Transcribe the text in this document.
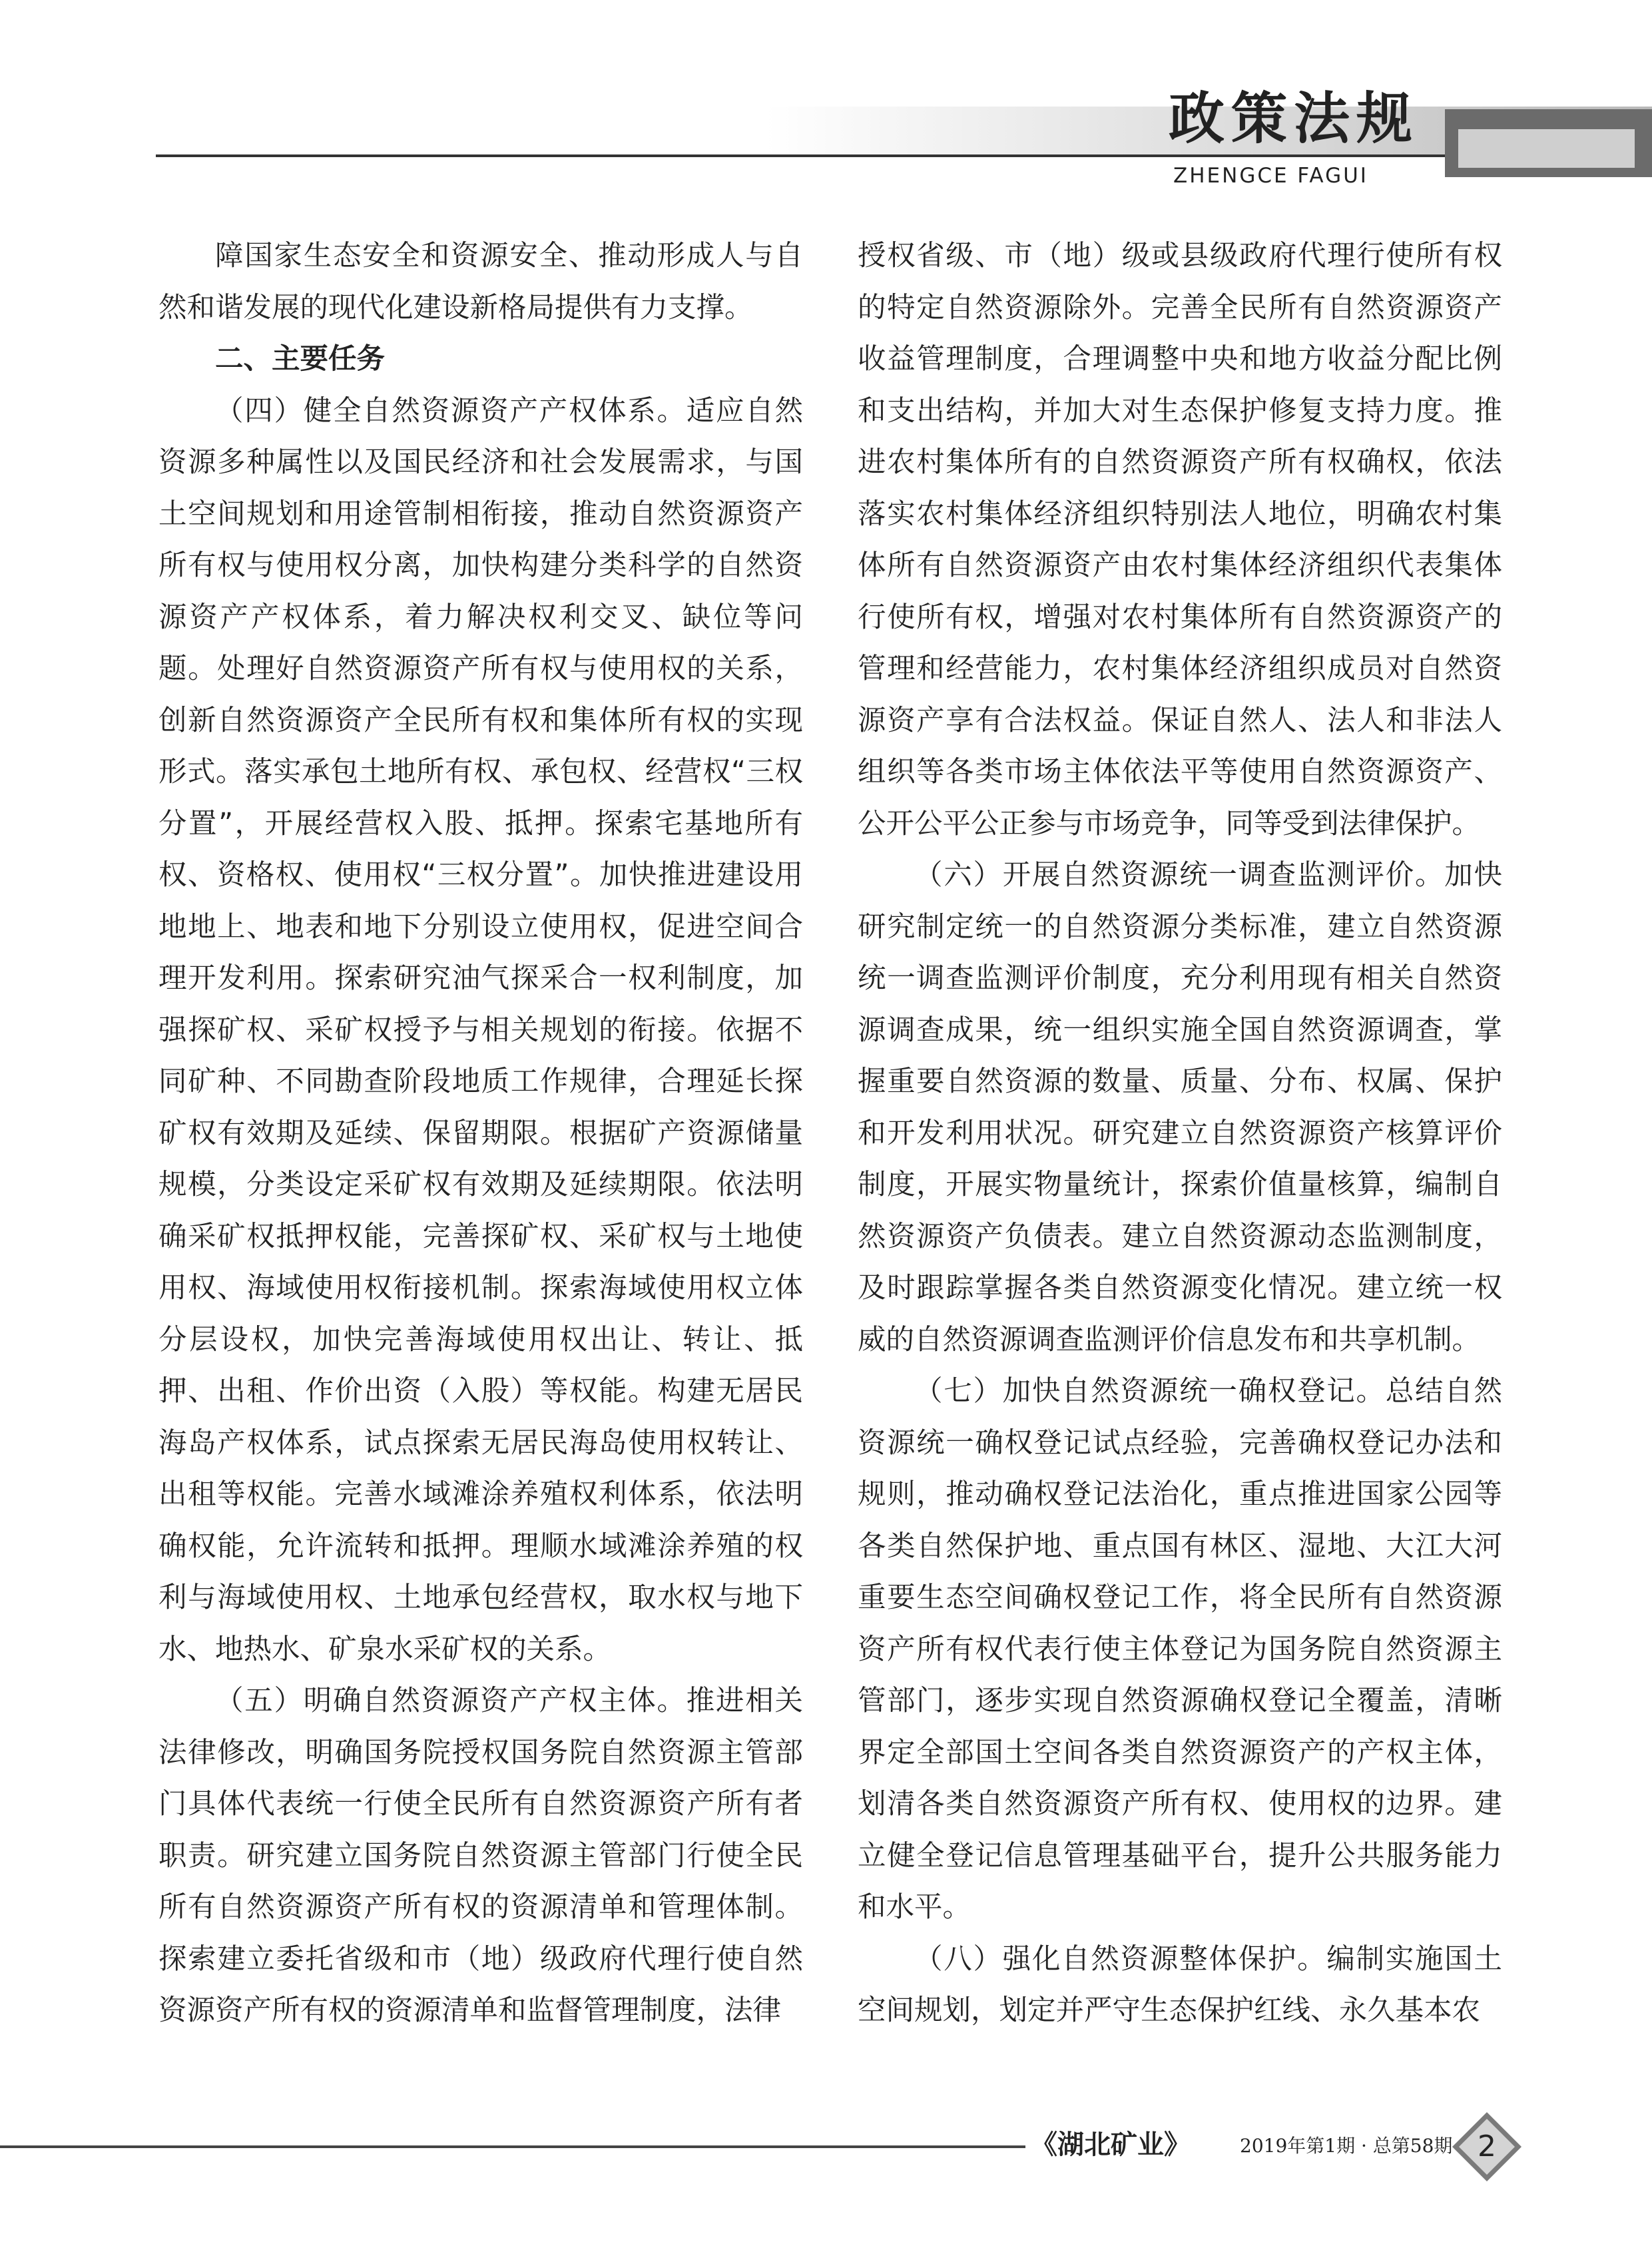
政策法规

ZHENGCE FAGUI

障国家生态安全和资源安全、推动形成人与自然和谐发展的现代化建设新格局提供有力支撑。

二、主要任务

（四）健全自然资源资产产权体系。适应自然资源多种属性以及国民经济和社会发展需求，与国土空间规划和用途管制相衔接，推动自然资源资产所有权与使用权分离，加快构建分类科学的自然资源资产产权体系，着力解决权利交叉、缺位等问题。处理好自然资源资产所有权与使用权的关系，创新自然资源资产全民所有权和集体所有权的实现形式。落实承包土地所有权、承包权、经营权“三权分置”，开展经营权入股、抵押。探索宅基地所有权、资格权、使用权“三权分置”。加快推进建设用地地上、地表和地下分别设立使用权，促进空间合理开发利用。探索研究油气探采合一权利制度，加强探矿权、采矿权授予与相关规划的衔接。依据不同矿种、不同勘查阶段地质工作规律，合理延长探矿权有效期及延续、保留期限。根据矿产资源储量规模，分类设定采矿权有效期及延续期限。依法明确采矿权抵押权能，完善探矿权、采矿权与土地使用权、海域使用权衔接机制。探索海域使用权立体分层设权，加快完善海域使用权出让、转让、抵押、出租、作价出资（入股）等权能。构建无居民海岛产权体系，试点探索无居民海岛使用权转让、出租等权能。完善水域滩涂养殖权利体系，依法明确权能，允许流转和抵押。理顺水域滩涂养殖的权利与海域使用权、土地承包经营权，取水权与地下水、地热水、矿泉水采矿权的关系。

（五）明确自然资源资产产权主体。推进相关法律修改，明确国务院授权国务院自然资源主管部门具体代表统一行使全民所有自然资源资产所有者职责。研究建立国务院自然资源主管部门行使全民所有自然资源资产所有权的资源清单和管理体制。探索建立委托省级和市（地）级政府代理行使自然资源资产所有权的资源清单和监督管理制度，法律

授权省级、市（地）级或县级政府代理行使所有权的特定自然资源除外。完善全民所有自然资源资产收益管理制度，合理调整中央和地方收益分配比例和支出结构，并加大对生态保护修复支持力度。推进农村集体所有的自然资源资产所有权确权，依法落实农村集体经济组织特别法人地位，明确农村集体所有自然资源资产由农村集体经济组织代表集体行使所有权，增强对农村集体所有自然资源资产的管理和经营能力，农村集体经济组织成员对自然资源资产享有合法权益。保证自然人、法人和非法人组织等各类市场主体依法平等使用自然资源资产、公开公平公正参与市场竞争，同等受到法律保护。

（六）开展自然资源统一调查监测评价。加快研究制定统一的自然资源分类标准，建立自然资源统一调查监测评价制度，充分利用现有相关自然资源调查成果，统一组织实施全国自然资源调查，掌握重要自然资源的数量、质量、分布、权属、保护和开发利用状况。研究建立自然资源资产核算评价制度，开展实物量统计，探索价值量核算，编制自然资源资产负债表。建立自然资源动态监测制度，及时跟踪掌握各类自然资源变化情况。建立统一权威的自然资源调查监测评价信息发布和共享机制。

（七）加快自然资源统一确权登记。总结自然资源统一确权登记试点经验，完善确权登记办法和规则，推动确权登记法治化，重点推进国家公园等各类自然保护地、重点国有林区、湿地、大江大河重要生态空间确权登记工作，将全民所有自然资源资产所有权代表行使主体登记为国务院自然资源主管部门，逐步实现自然资源确权登记全覆盖，清晰界定全部国土空间各类自然资源资产的产权主体，划清各类自然资源资产所有权、使用权的边界。建立健全登记信息管理基础平台，提升公共服务能力和水平。

（八）强化自然资源整体保护。编制实施国土空间规划，划定并严守生态保护红线、永久基本农

《湖北矿业》	2019年第1期 · 总第58期 2
